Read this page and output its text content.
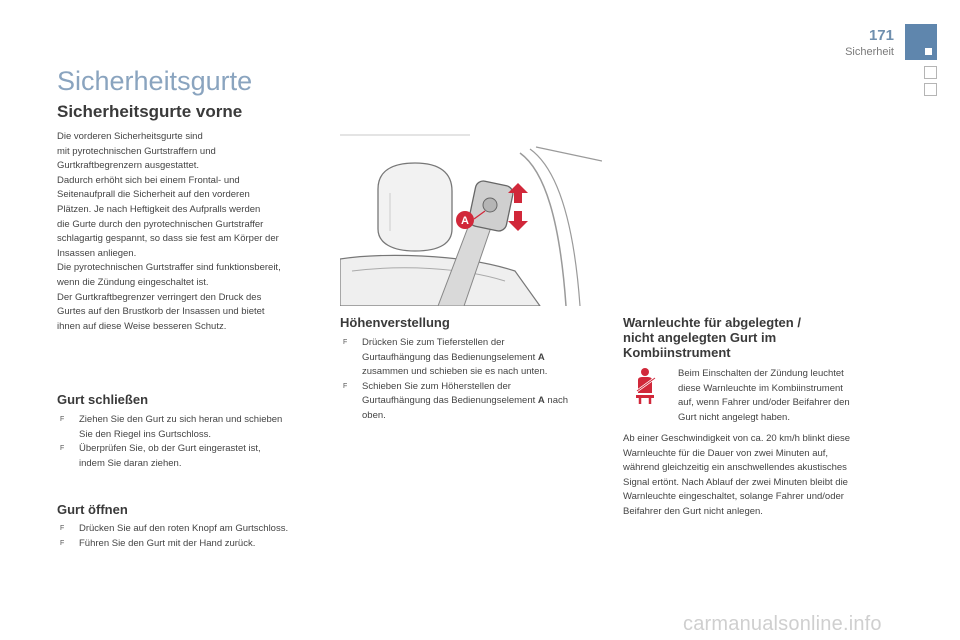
171
Sicherheit
Sicherheitsgurte
Sicherheitsgurte vorne
Die vorderen Sicherheitsgurte sind
mit pyrotechnischen Gurtstraffern und
Gurtkraftbegrenzern ausgestattet.
Dadurch erhöht sich bei einem Frontal- und
Seitenaufprall die Sicherheit auf den vorderen
Plätzen. Je nach Heftigkeit des Aufpralls werden
die Gurte durch den pyrotechnischen Gurtstraffer
schlagartig gespannt, so dass sie fest am Körper der
Insassen anliegen.
Die pyrotechnischen Gurtstraffer sind funktionsbereit,
wenn die Zündung eingeschaltet ist.
Der Gurtkraftbegrenzer verringert den Druck des
Gurtes auf den Brustkorb der Insassen und bietet
ihnen auf diese Weise besseren Schutz.
Gurt schließen
F Ziehen Sie den Gurt zu sich heran und schieben
Sie den Riegel ins Gurtschloss.
F Überprüfen Sie, ob der Gurt eingerastet ist,
indem Sie daran ziehen.
Gurt öffnen
F Drücken Sie auf den roten Knopf am Gurtschloss.
F Führen Sie den Gurt mit der Hand zurück.
A
Höhenverstellung
F Drücken Sie zum Tieferstellen der
Gurtaufhängung das Bedienungselement A
zusammen und schieben sie es nach unten.
F Schieben Sie zum Höherstellen der
Gurtaufhängung das Bedienungselement A nach
oben.
Warnleuchte für abgelegten /
nicht angelegten Gurt im
Kombiinstrument
Beim Einschalten der Zündung leuchtet
diese Warnleuchte im Kombiinstrument
auf, wenn Fahrer und/oder Beifahrer den
Gurt nicht angelegt haben.
Ab einer Geschwindigkeit von ca. 20 km/h blinkt diese
Warnleuchte für die Dauer von zwei Minuten auf,
während gleichzeitig ein anschwellendes akustisches
Signal ertönt. Nach Ablauf der zwei Minuten bleibt die
Warnleuchte eingeschaltet, solange Fahrer und/oder
Beifahrer den Gurt nicht anlegen.
carmanualsonline.info
